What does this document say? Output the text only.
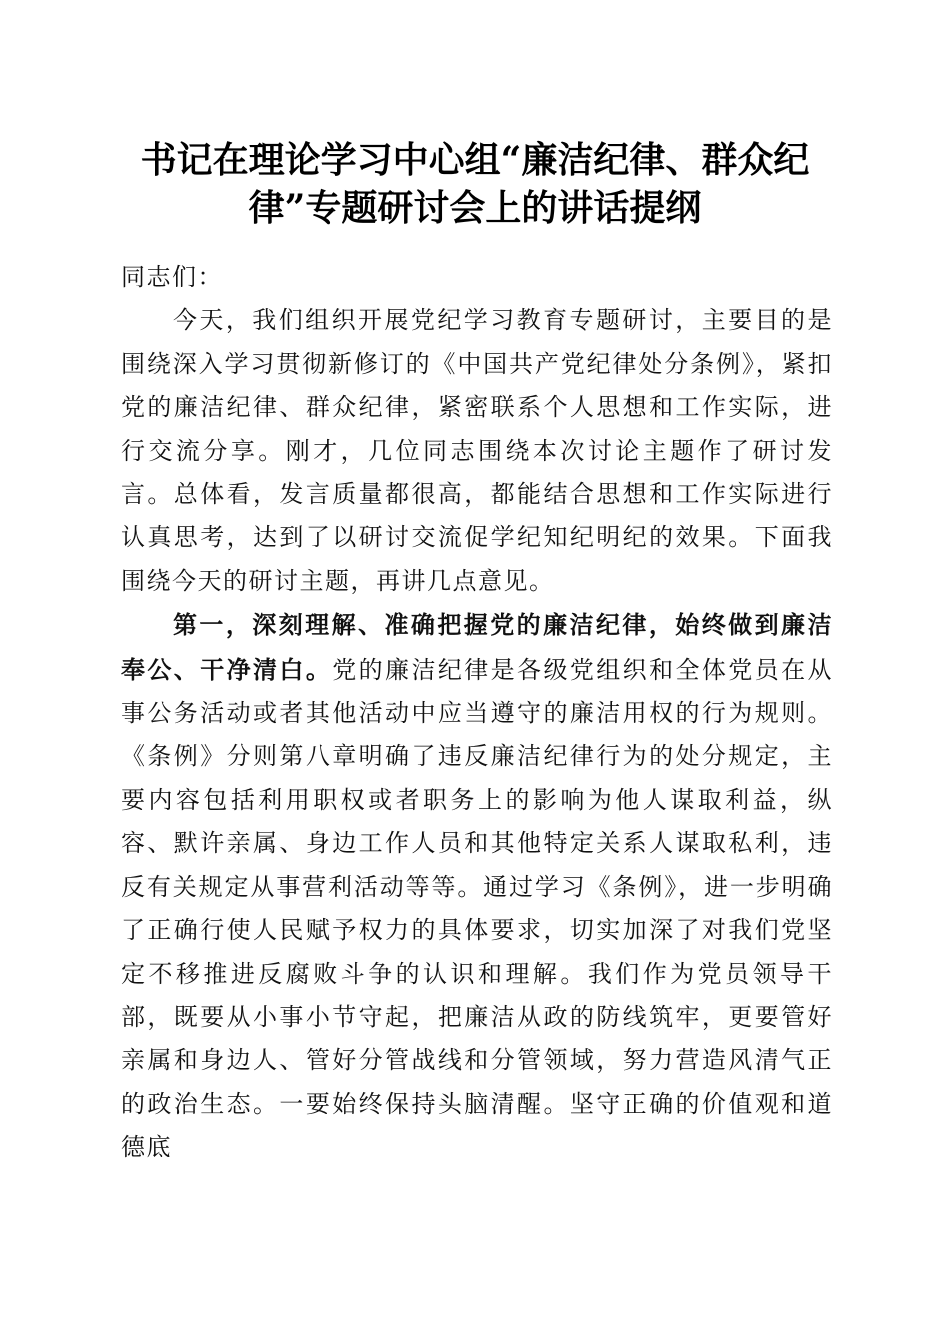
书记在理论学习中心组“廉洁纪律、群众纪
律”专题研讨会上的讲话提纲

同志们：

今天，我们组织开展党纪学习教育专题研讨，主要目的是围绕深入学习贯彻新修订的《中国共产党纪律处分条例》，紧扣党的廉洁纪律、群众纪律，紧密联系个人思想和工作实际，进行交流分享。刚才，几位同志围绕本次讨论主题作了研讨发言。总体看，发言质量都很高，都能结合思想和工作实际进行认真思考，达到了以研讨交流促学纪知纪明纪的效果。下面我围绕今天的研讨主题，再讲几点意见。

第一，深刻理解、准确把握党的廉洁纪律，始终做到廉洁奉公、干净清白。党的廉洁纪律是各级党组织和全体党员在从事公务活动或者其他活动中应当遵守的廉洁用权的行为规则。《条例》分则第八章明确了违反廉洁纪律行为的处分规定，主要内容包括利用职权或者职务上的影响为他人谋取利益，纵容、默许亲属、身边工作人员和其他特定关系人谋取私利，违反有关规定从事营利活动等等。通过学习《条例》，进一步明确了正确行使人民赋予权力的具体要求，切实加深了对我们党坚定不移推进反腐败斗争的认识和理解。我们作为党员领导干部，既要从小事小节守起，把廉洁从政的防线筑牢，更要管好亲属和身边人、管好分管战线和分管领域，努力营造风清气正的政治生态。一要始终保持头脑清醒。坚守正确的价值观和道德底
